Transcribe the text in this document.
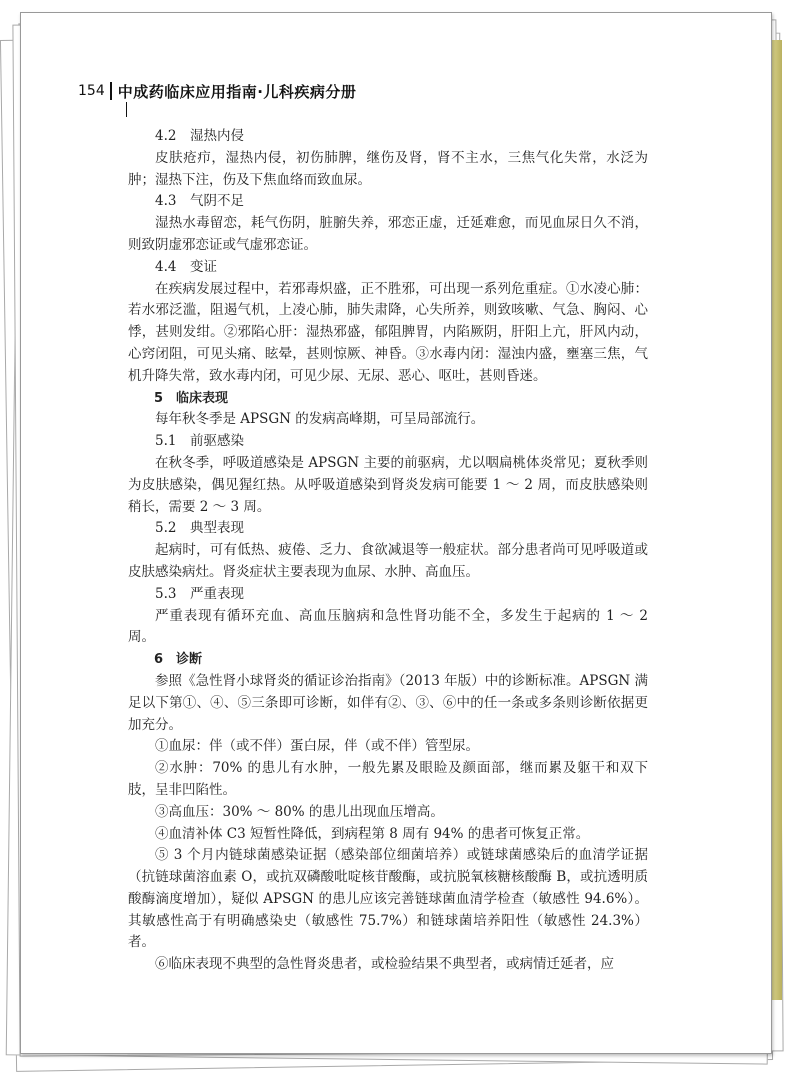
154 中成药临床应用指南·儿科疾病分册

4.2　湿热内侵

皮肤疮疖，湿热内侵，初伤肺脾，继伤及肾，肾不主水，三焦气化失常，水泛为肿；湿热下注，伤及下焦血络而致血尿。

4.3　气阴不足

湿热水毒留恋，耗气伤阴，脏腑失养，邪恋正虚，迁延难愈，而见血尿日久不消，则致阴虚邪恋证或气虚邪恋证。

4.4　变证

在疾病发展过程中，若邪毒炽盛，正不胜邪，可出现一系列危重症。①水凌心肺：若水邪泛滥，阻遏气机，上凌心肺，肺失肃降，心失所养，则致咳嗽、气急、胸闷、心悸，甚则发绀。②邪陷心肝：湿热邪盛，郁阻脾胃，内陷厥阴，肝阳上亢，肝风内动，心窍闭阻，可见头痛、眩晕，甚则惊厥、神昏。③水毒内闭：湿浊内盛，壅塞三焦，气机升降失常，致水毒内闭，可见少尿、无尿、恶心、呕吐，甚则昏迷。

5　临床表现

每年秋冬季是 APSGN 的发病高峰期，可呈局部流行。

5.1　前驱感染

在秋冬季，呼吸道感染是 APSGN 主要的前驱病，尤以咽扁桃体炎常见；夏秋季则为皮肤感染，偶见猩红热。从呼吸道感染到肾炎发病可能要 1 ～ 2 周，而皮肤感染则稍长，需要 2 ～ 3 周。

5.2　典型表现

起病时，可有低热、疲倦、乏力、食欲减退等一般症状。部分患者尚可见呼吸道或皮肤感染病灶。肾炎症状主要表现为血尿、水肿、高血压。

5.3　严重表现

严重表现有循环充血、高血压脑病和急性肾功能不全，多发生于起病的 1 ～ 2 周。

6　诊断

参照《急性肾小球肾炎的循证诊治指南》（2013 年版）中的诊断标准。APSGN 满足以下第①、④、⑤三条即可诊断，如伴有②、③、⑥中的任一条或多条则诊断依据更加充分。

①血尿：伴（或不伴）蛋白尿，伴（或不伴）管型尿。

②水肿：70% 的患儿有水肿，一般先累及眼睑及颜面部，继而累及躯干和双下肢，呈非凹陷性。

③高血压：30% ～ 80% 的患儿出现血压增高。

④血清补体 C3 短暂性降低，到病程第 8 周有 94% 的患者可恢复正常。

⑤ 3 个月内链球菌感染证据（感染部位细菌培养）或链球菌感染后的血清学证据（抗链球菌溶血素 O，或抗双磷酸吡啶核苷酸酶，或抗脱氧核糖核酸酶 B，或抗透明质酸酶滴度增加），疑似 APSGN 的患儿应该完善链球菌血清学检查（敏感性 94.6%）。其敏感性高于有明确感染史（敏感性 75.7%）和链球菌培养阳性（敏感性 24.3%）者。

⑥临床表现不典型的急性肾炎患者，或检验结果不典型者，或病情迁延者，应
